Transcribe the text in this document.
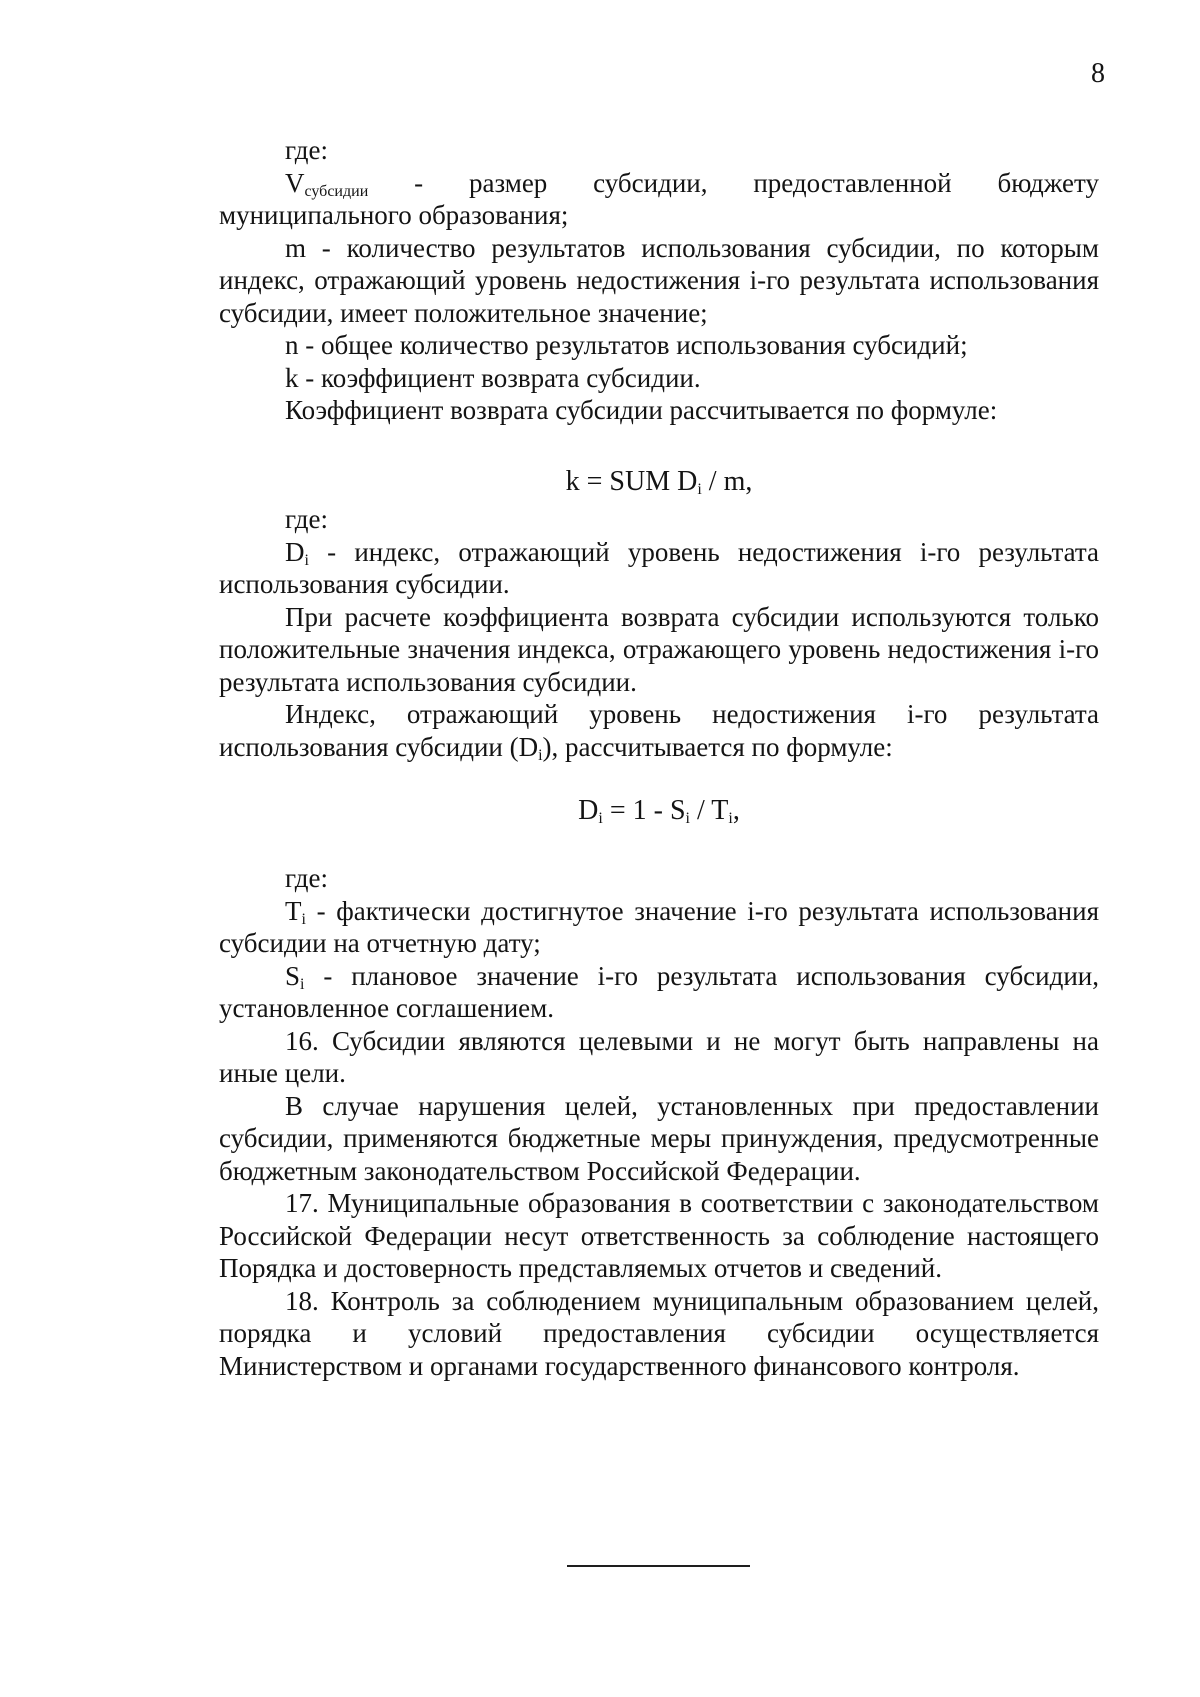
8

где:

$V_{субсидии}$ - размер субсидии, предоставленной бюджету муниципального образования;

m - количество результатов использования субсидии, по которым индекс, отражающий уровень недостижения i-го результата использования субсидии, имеет положительное значение;

n - общее количество результатов использования субсидий;

k - коэффициент возврата субсидии.

Коэффициент возврата субсидии рассчитывается по формуле:

k = SUM $D_i$ / m,

где:

$D_i$ - индекс, отражающий уровень недостижения i-го результата использования субсидии.

При расчете коэффициента возврата субсидии используются только положительные значения индекса, отражающего уровень недостижения i-го результата использования субсидии.

Индекс, отражающий уровень недостижения i-го результата использования субсидии $(D_i)$, рассчитывается по формуле:

$D_i = 1 - S_i / T_i$,

где:

$T_i$ - фактически достигнутое значение i-го результата использования субсидии на отчетную дату;

$S_i$ - плановое значение i-го результата использования субсидии, установленное соглашением.

16. Субсидии являются целевыми и не могут быть направлены на иные цели.

В случае нарушения целей, установленных при предоставлении субсидии, применяются бюджетные меры принуждения, предусмотренные бюджетным законодательством Российской Федерации.

17. Муниципальные образования в соответствии с законодательством Российской Федерации несут ответственность за соблюдение настоящего Порядка и достоверность представляемых отчетов и сведений.

18. Контроль за соблюдением муниципальным образованием целей, порядка и условий предоставления субсидии осуществляется Министерством и органами государственного финансового контроля.
